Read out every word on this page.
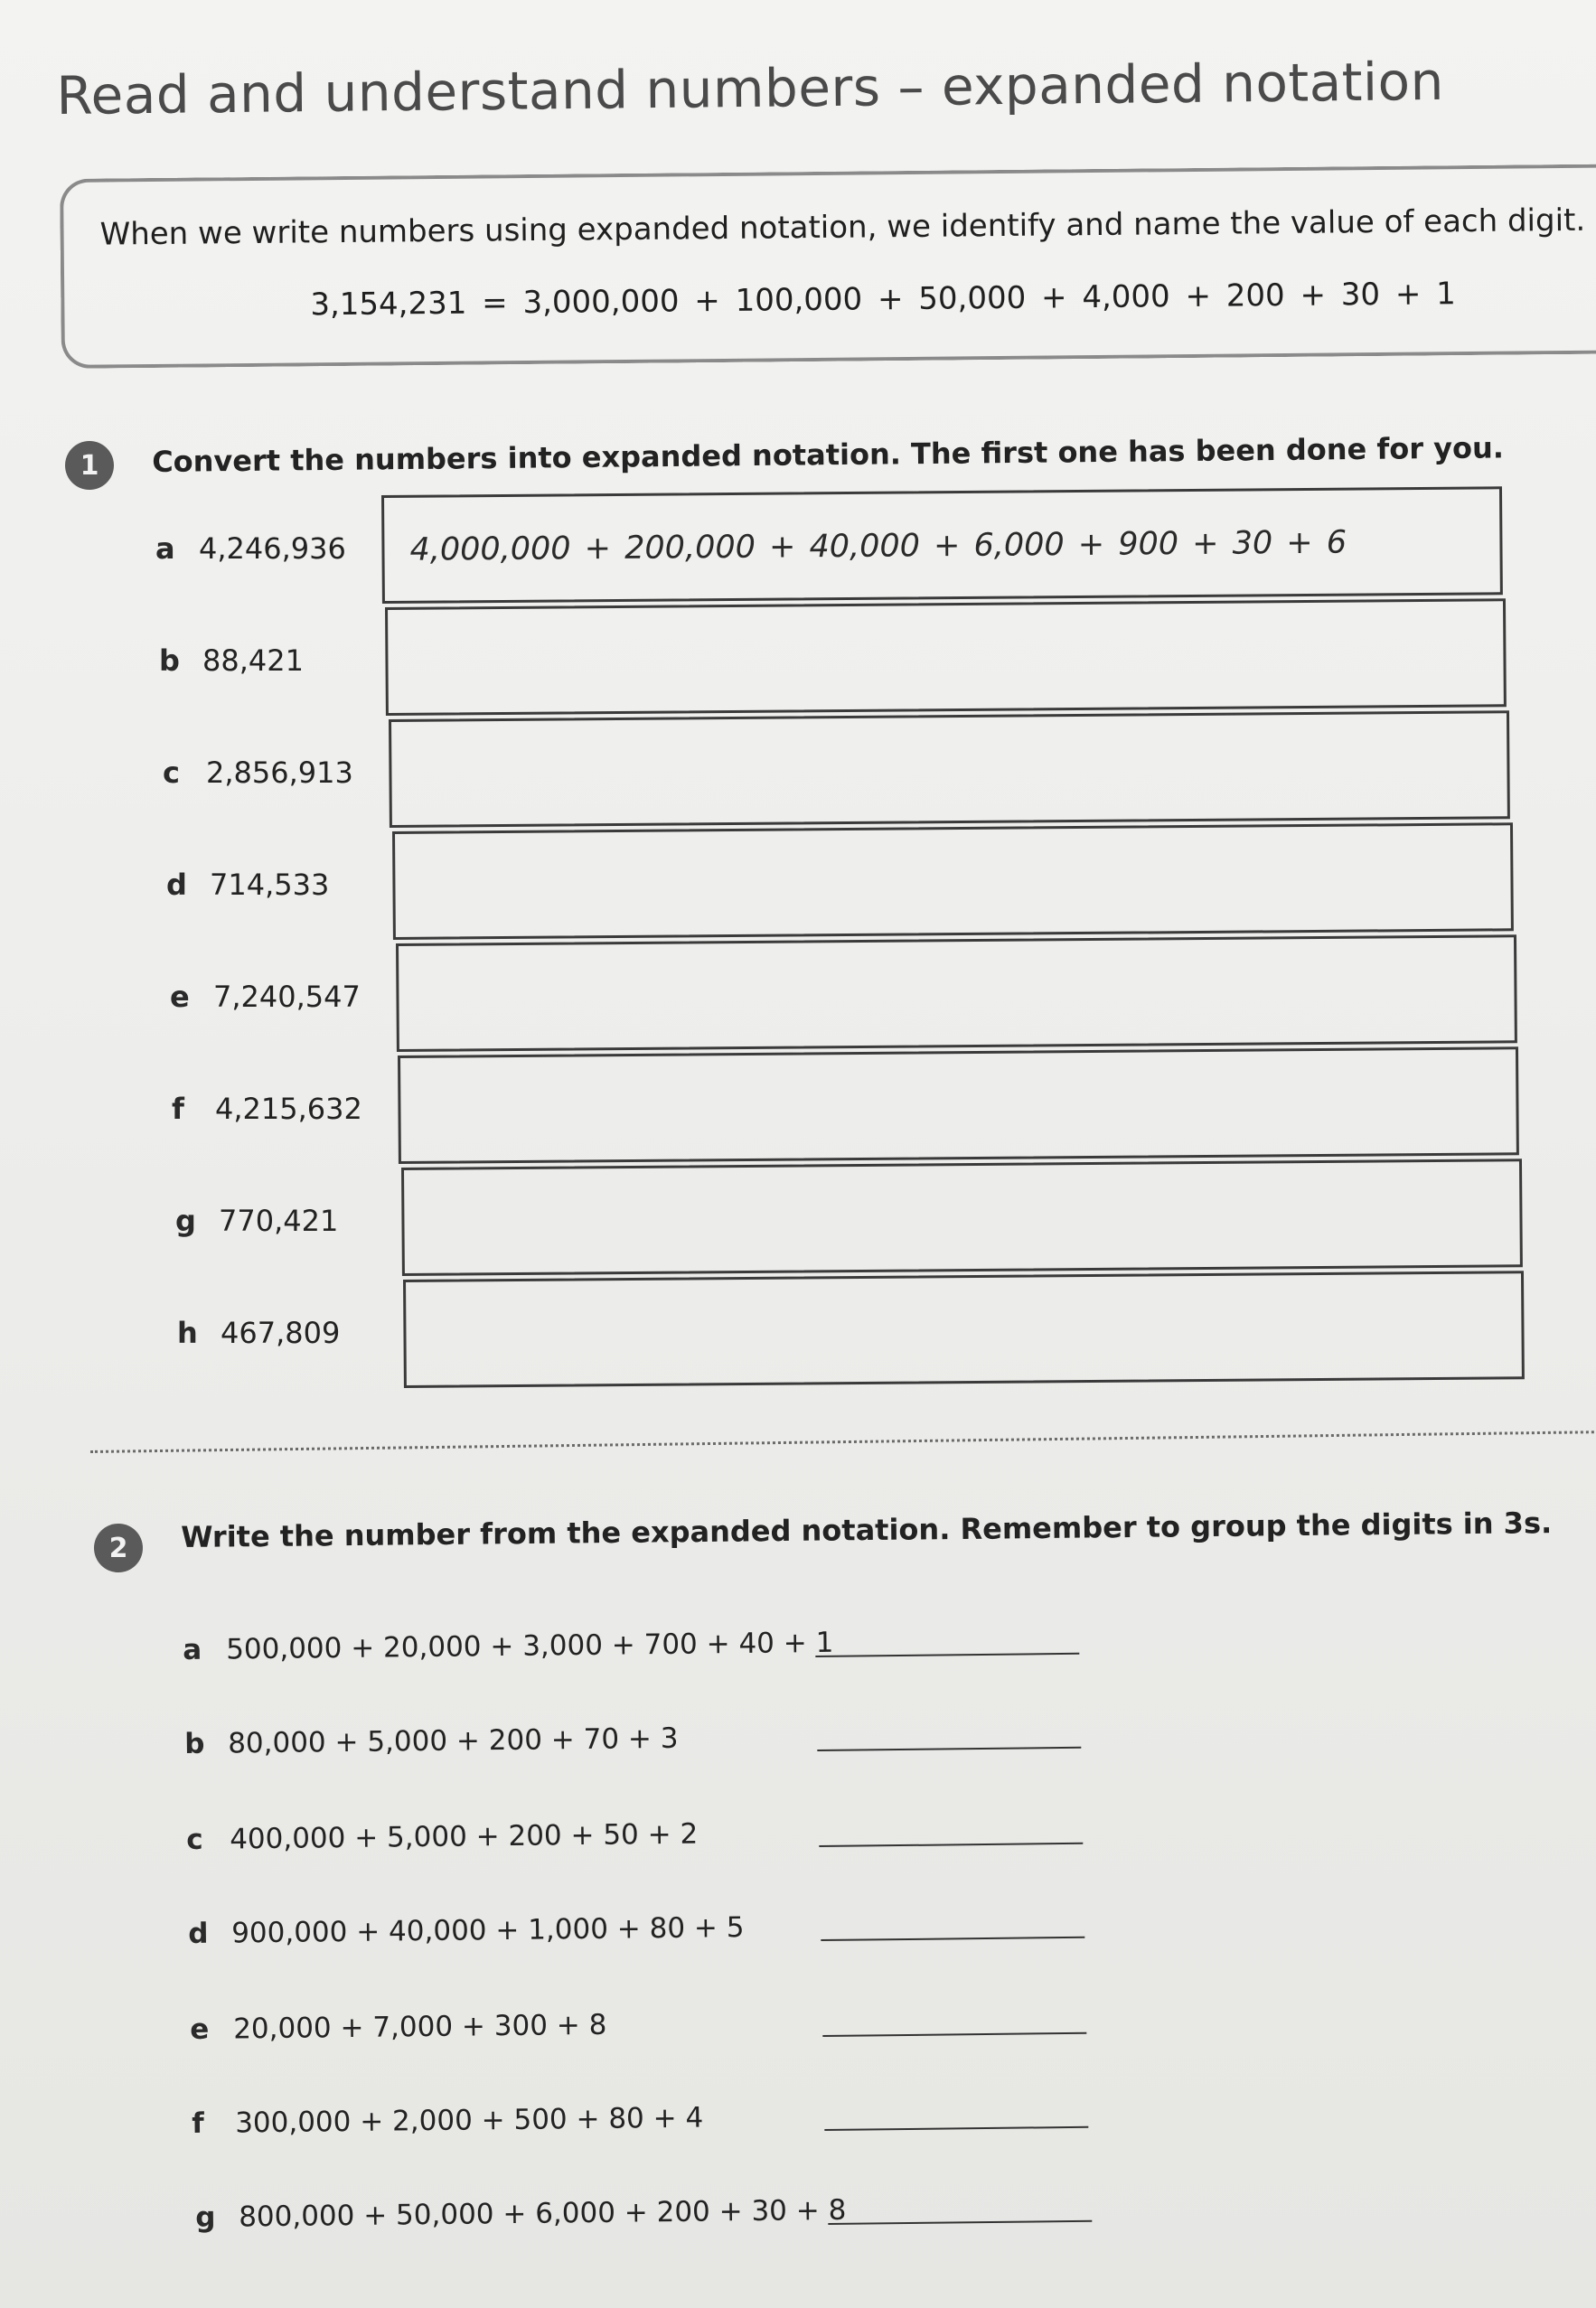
Read and understand numbers – expanded notation
When we write numbers using expanded notation, we identify and name the value of each digit.
3,154,231 = 3,000,000 + 100,000 + 50,000 + 4,000 + 200 + 30 + 1
1	Convert the numbers into expanded notation. The first one has been done for you.
a 4,246,936 4,000,000 + 200,000 + 40,000 + 6,000 + 900 + 30 + 6
b 88,421
c 2,856,913
d 714,533
e 7,240,547
f 4,215,632
g 770,421
h 467,809
2	Write the number from the expanded notation. Remember to group the digits in 3s.
a 500,000 + 20,000 + 3,000 + 700 + 40 + 1
b 80,000 + 5,000 + 200 + 70 + 3
c 400,000 + 5,000 + 200 + 50 + 2
d 900,000 + 40,000 + 1,000 + 80 + 5
e 20,000 + 7,000 + 300 + 8
f 300,000 + 2,000 + 500 + 80 + 4
g 800,000 + 50,000 + 6,000 + 200 + 30 + 8
